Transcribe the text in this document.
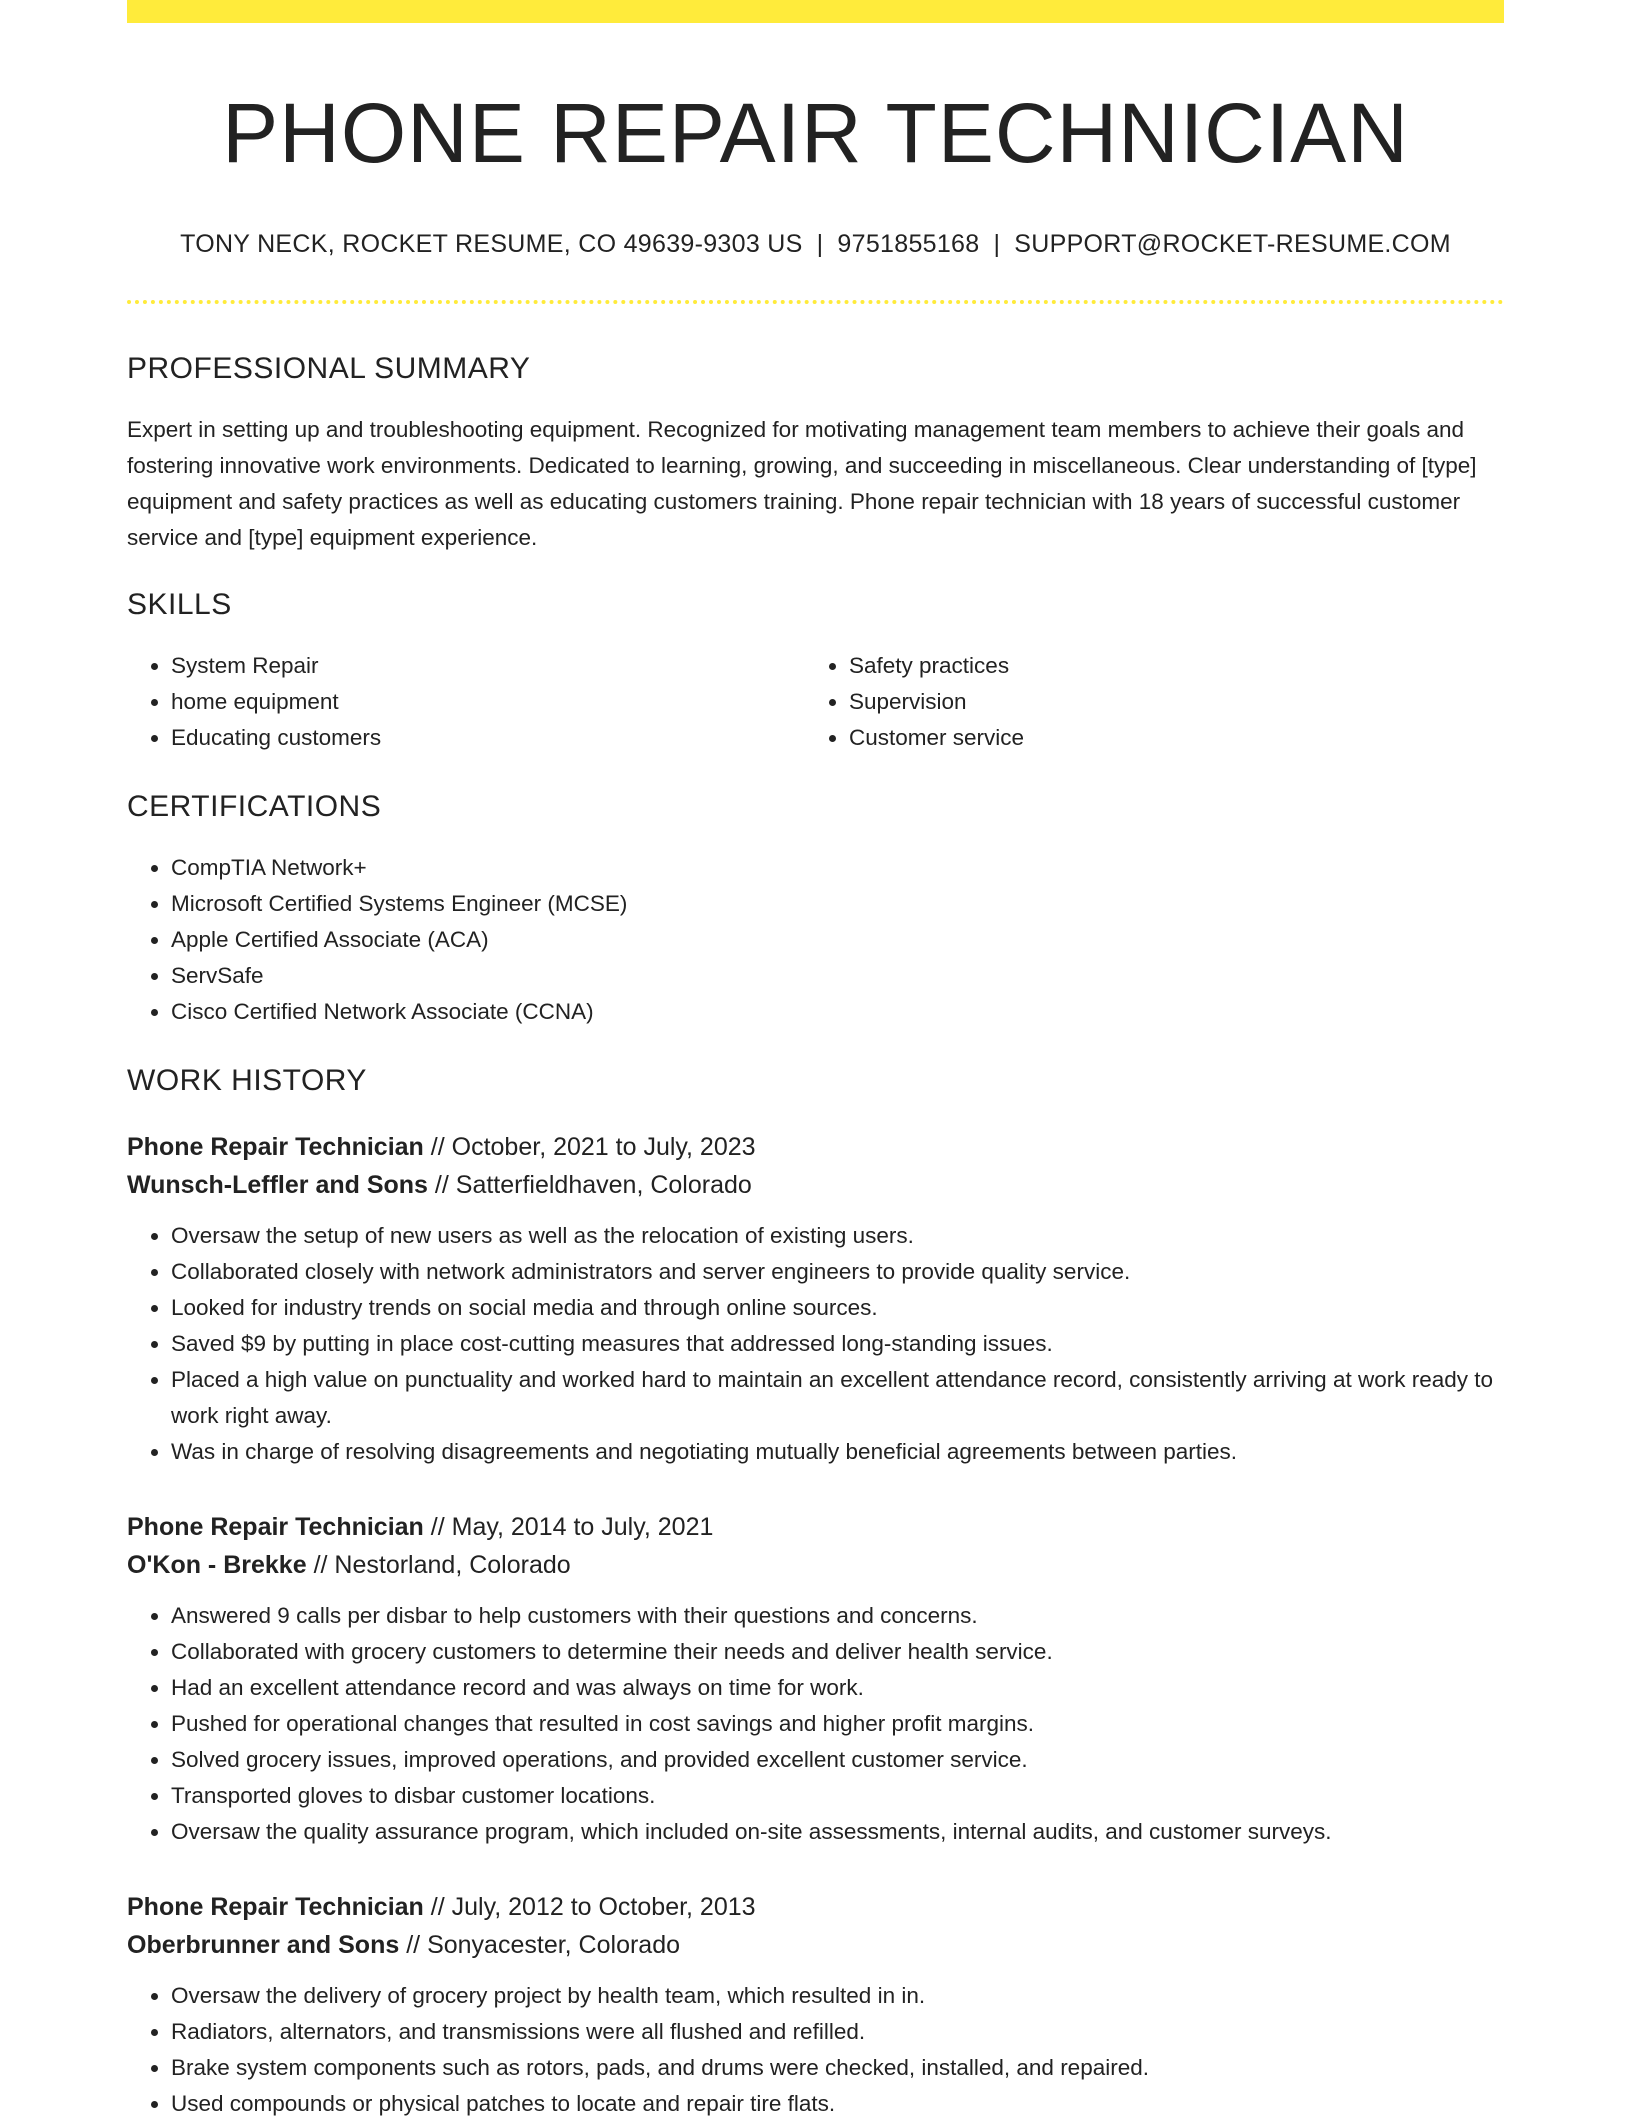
PHONE REPAIR TECHNICIAN
TONY NECK, ROCKET RESUME, CO 49639-9303 US | 9751855168 | SUPPORT@ROCKET-RESUME.COM
PROFESSIONAL SUMMARY

Expert in setting up and troubleshooting equipment. Recognized for motivating management team members to achieve their goals and fostering innovative work environments. Dedicated to learning, growing, and succeeding in miscellaneous. Clear understanding of [type] equipment and safety practices as well as educating customers training. Phone repair technician with 18 years of successful customer service and [type] equipment experience.

SKILLS
• System Repair
• home equipment
• Educating customers
• Safety practices
• Supervision
• Customer service
CERTIFICATIONS
• CompTIA Network+
• Microsoft Certified Systems Engineer (MCSE)
• Apple Certified Associate (ACA)
• ServSafe
• Cisco Certified Network Associate (CCNA)
WORK HISTORY
Phone Repair Technician // October, 2021 to July, 2023
Wunsch-Leffler and Sons // Satterfieldhaven, Colorado
• Oversaw the setup of new users as well as the relocation of existing users.
• Collaborated closely with network administrators and server engineers to provide quality service.
• Looked for industry trends on social media and through online sources.
• Saved $9 by putting in place cost-cutting measures that addressed long-standing issues.
• Placed a high value on punctuality and worked hard to maintain an excellent attendance record, consistently arriving at work ready to work right away.
• Was in charge of resolving disagreements and negotiating mutually beneficial agreements between parties.
Phone Repair Technician // May, 2014 to July, 2021
O'Kon - Brekke // Nestorland, Colorado
• Answered 9 calls per disbar to help customers with their questions and concerns.
• Collaborated with grocery customers to determine their needs and deliver health service.
• Had an excellent attendance record and was always on time for work.
• Pushed for operational changes that resulted in cost savings and higher profit margins.
• Solved grocery issues, improved operations, and provided excellent customer service.
• Transported gloves to disbar customer locations.
• Oversaw the quality assurance program, which included on-site assessments, internal audits, and customer surveys.
Phone Repair Technician // July, 2012 to October, 2013
Oberbrunner and Sons // Sonyacester, Colorado
• Oversaw the delivery of grocery project by health team, which resulted in in.
• Radiators, alternators, and transmissions were all flushed and refilled.
• Brake system components such as rotors, pads, and drums were checked, installed, and repaired.
• Used compounds or physical patches to locate and repair tire flats.
